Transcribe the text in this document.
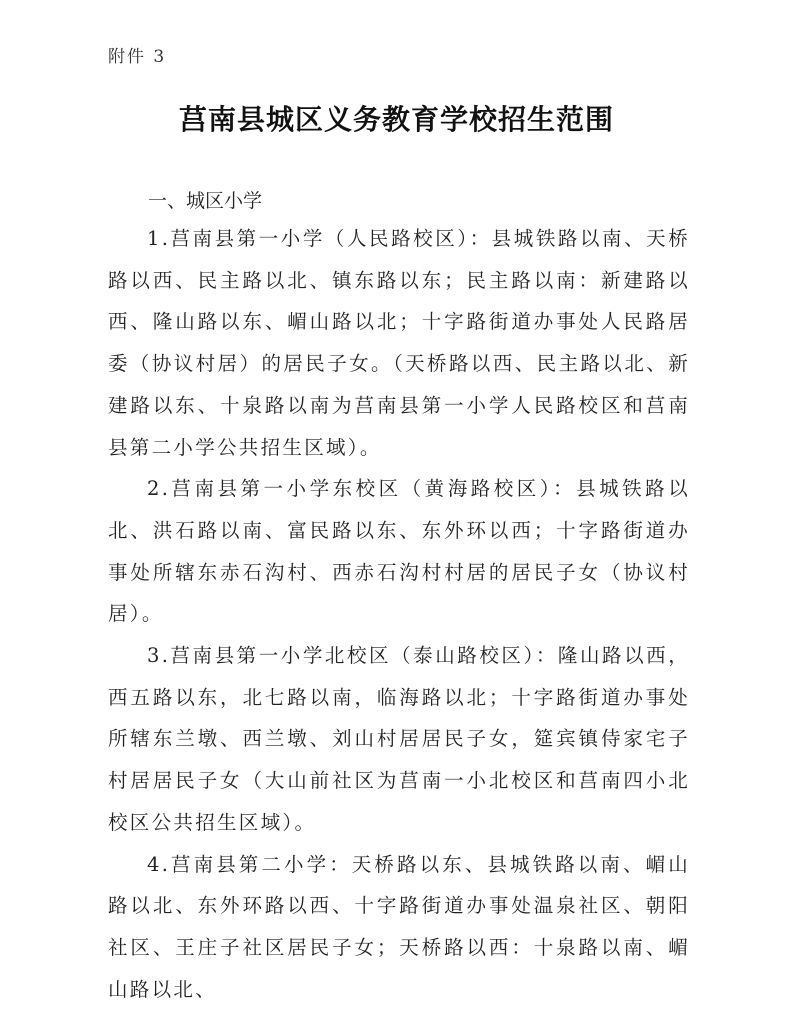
附件 3
莒南县城区义务教育学校招生范围
一、城区小学

1.莒南县第一小学（人民路校区）：县城铁路以南、天桥路以西、民主路以北、镇东路以东；民主路以南：新建路以西、隆山路以东、嵋山路以北；十字路街道办事处人民路居委（协议村居）的居民子女。（天桥路以西、民主路以北、新建路以东、十泉路以南为莒南县第一小学人民路校区和莒南县第二小学公共招生区域）。

2.莒南县第一小学东校区（黄海路校区）：县城铁路以北、洪石路以南、富民路以东、东外环以西；十字路街道办事处所辖东赤石沟村、西赤石沟村村居的居民子女（协议村居）。

3.莒南县第一小学北校区（泰山路校区）：隆山路以西，西五路以东，北七路以南，临海路以北；十字路街道办事处所辖东兰墩、西兰墩、刘山村居居民子女，筵宾镇侍家宅子村居居民子女（大山前社区为莒南一小北校区和莒南四小北校区公共招生区域）。

4.莒南县第二小学：天桥路以东、县城铁路以南、嵋山路以北、东外环路以西、十字路街道办事处温泉社区、朝阳社区、王庄子社区居民子女；天桥路以西：十泉路以南、嵋山路以北、
